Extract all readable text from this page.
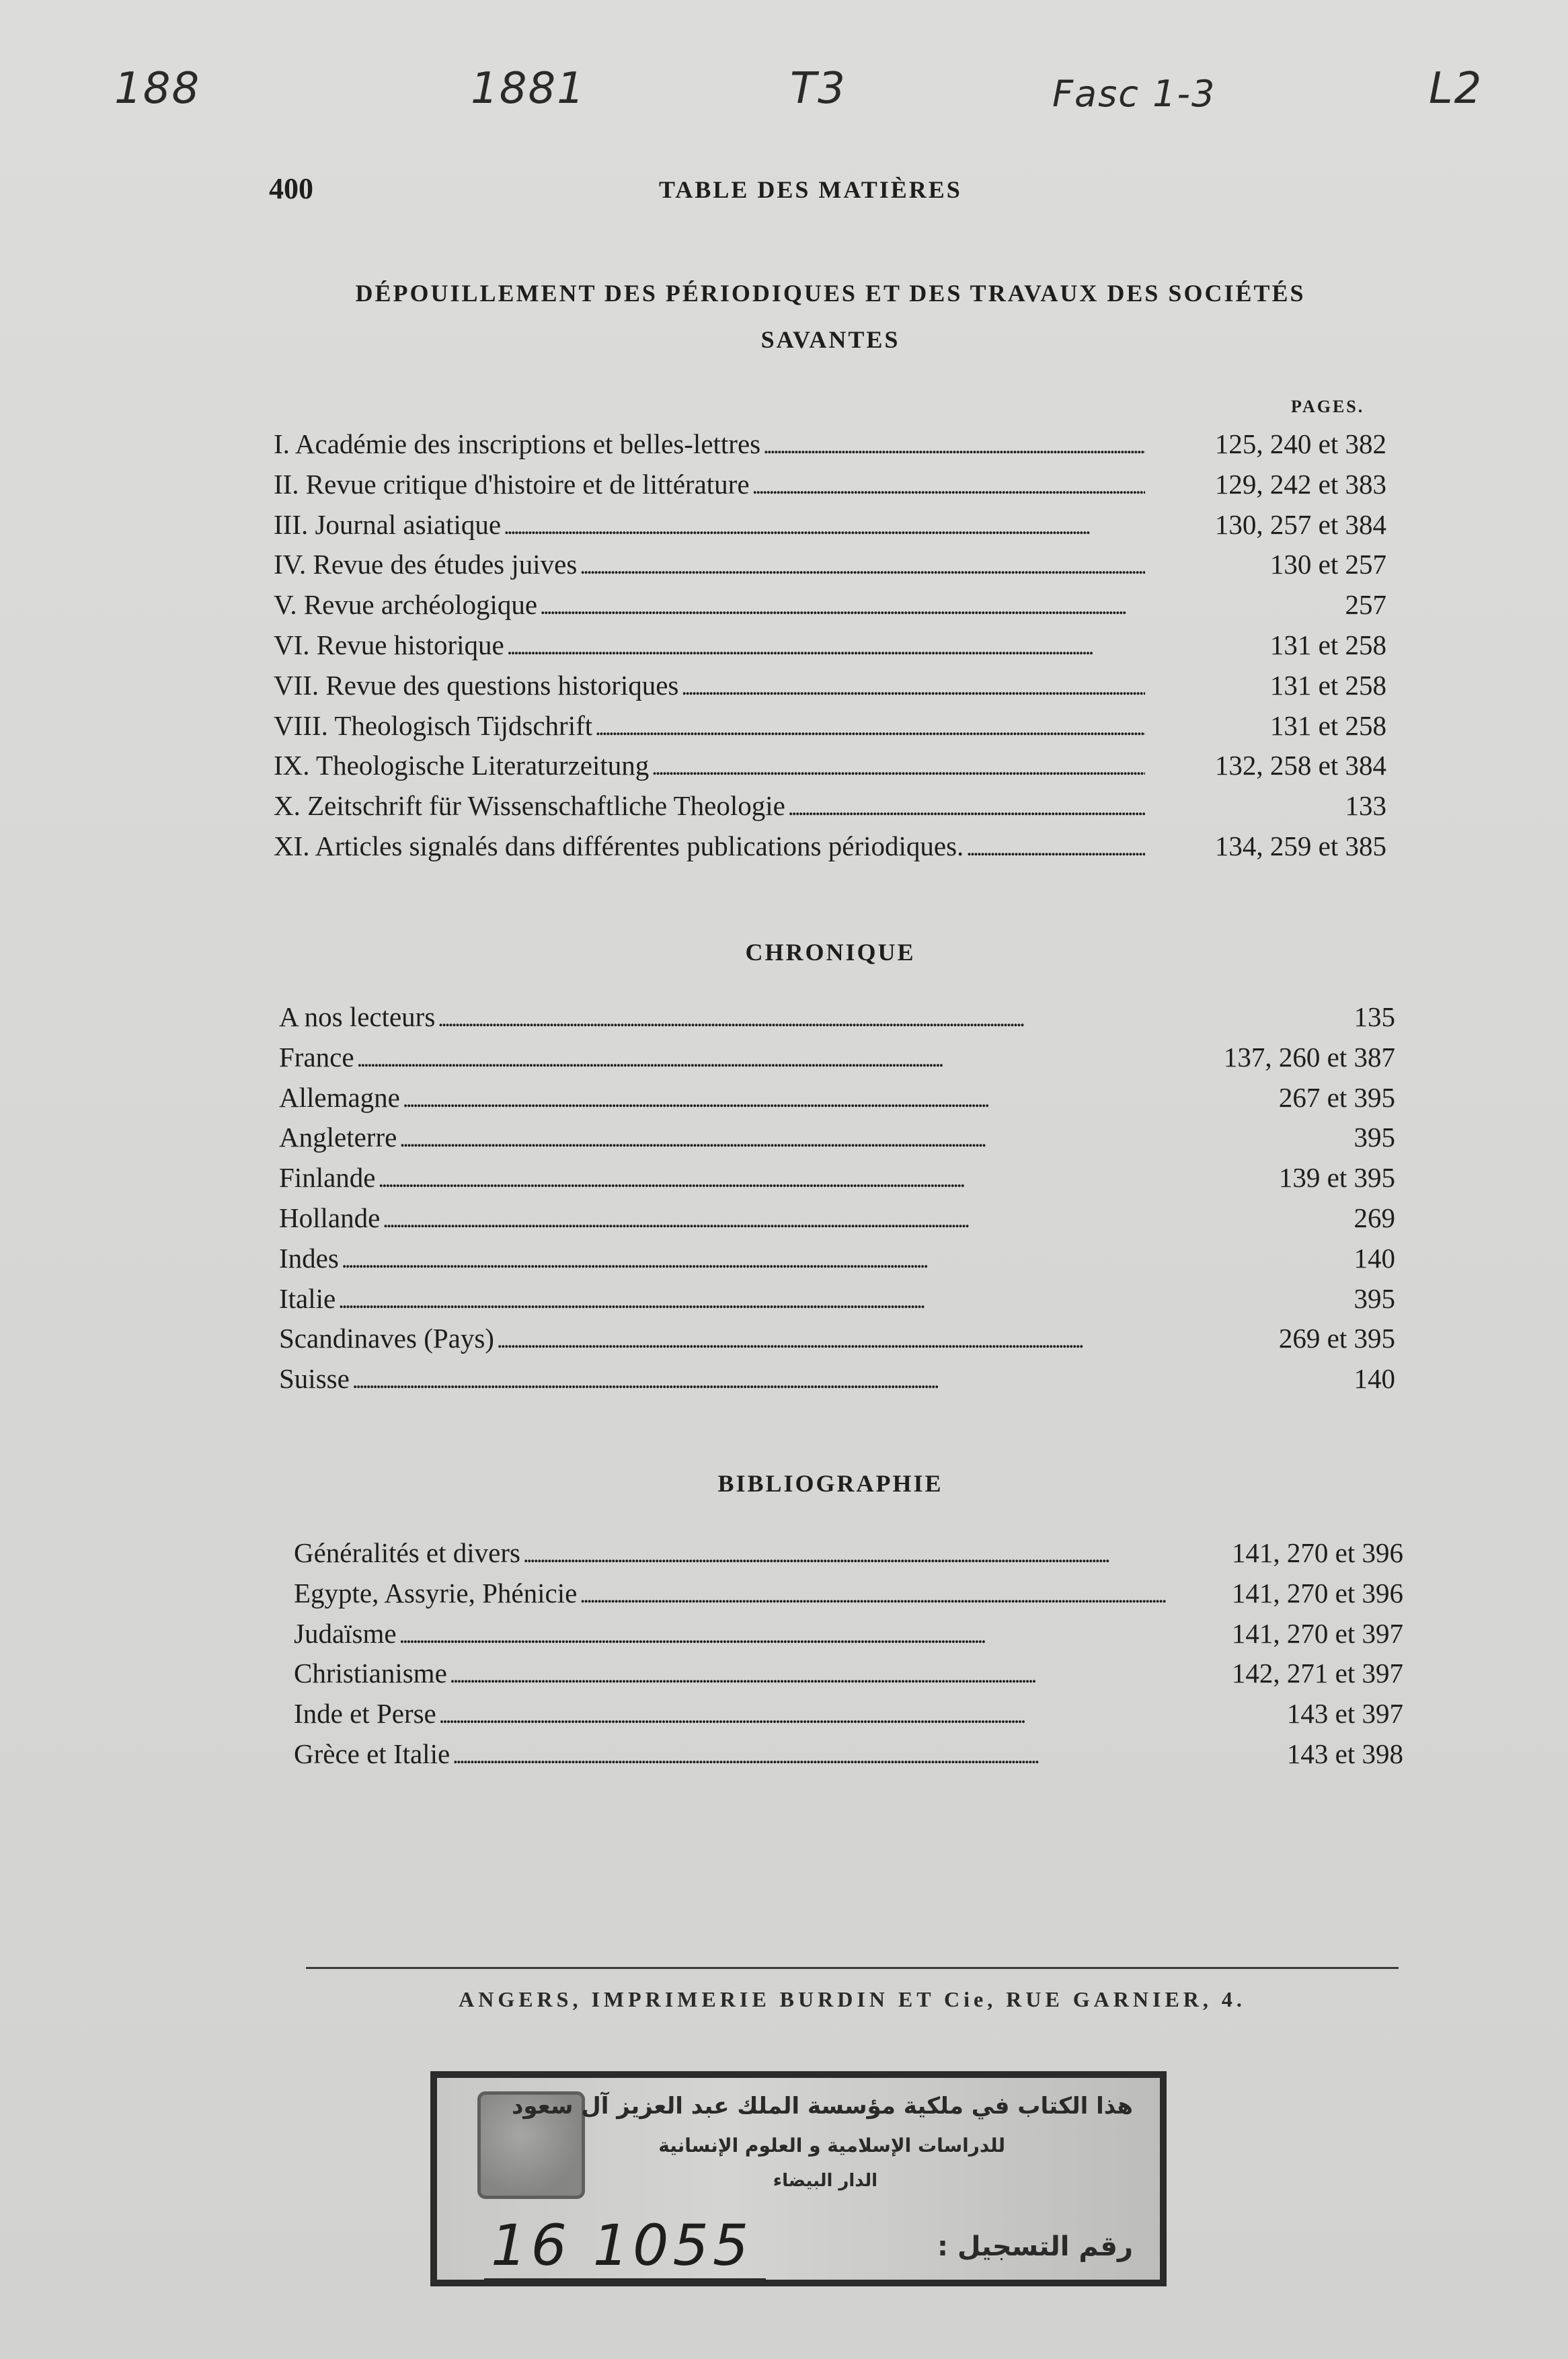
188	1881	T3	Fasc 1-3	L2
400	TABLE DES MATIÈRES
DÉPOUILLEMENT DES PÉRIODIQUES ET DES TRAVAUX DES SOCIÉTÉS
SAVANTES
PAGES.
I. Académie des inscriptions et belles-lettres . . .	125, 240 et 382
II. Revue critique d'histoire et de littérature . . .	129, 242 et 383
III. Journal asiatique . . .	130, 257 et 384
IV. Revue des études juives . . .	130 et 257
V. Revue archéologique . . .	257
VI. Revue historique . . .	131 et 258
VII. Revue des questions historiques . . .	131 et 258
VIII. Theologisch Tijdschrift . . .	131 et 258
IX. Theologische Literaturzeitung . . .	132, 258 et 384
X. Zeitschrift für Wissenschaftliche Theologie . . .	133
XI. Articles signalés dans différentes publications périodiques. . . .	134, 259 et 385
CHRONIQUE
A nos lecteurs . . .	135
France . . .	137, 260 et 387
Allemagne . . .	267 et 395
Angleterre . . .	395
Finlande . . .	139 et 395
Hollande . . .	269
Indes . . .	140
Italie . . .	395
Scandinaves (Pays) . . .	269 et 395
Suisse . . .	140
BIBLIOGRAPHIE
Généralités et divers . . .	141, 270 et 396
Egypte, Assyrie, Phénicie . . .	141, 270 et 396
Judaïsme . . .	141, 270 et 397
Christianisme . . .	142, 271 et 397
Inde et Perse . . .	143 et 397
Grèce et Italie . . .	143 et 398
ANGERS, IMPRIMERIE BURDIN ET Cie, RUE GARNIER, 4.
هذا الكتاب في ملكية مؤسسة الملك عبد العزيز آل سعود
للدراسات الإسلامية و العلوم الإنسانية
الدار البيضاء
رقم التسجيل :
16 1055
